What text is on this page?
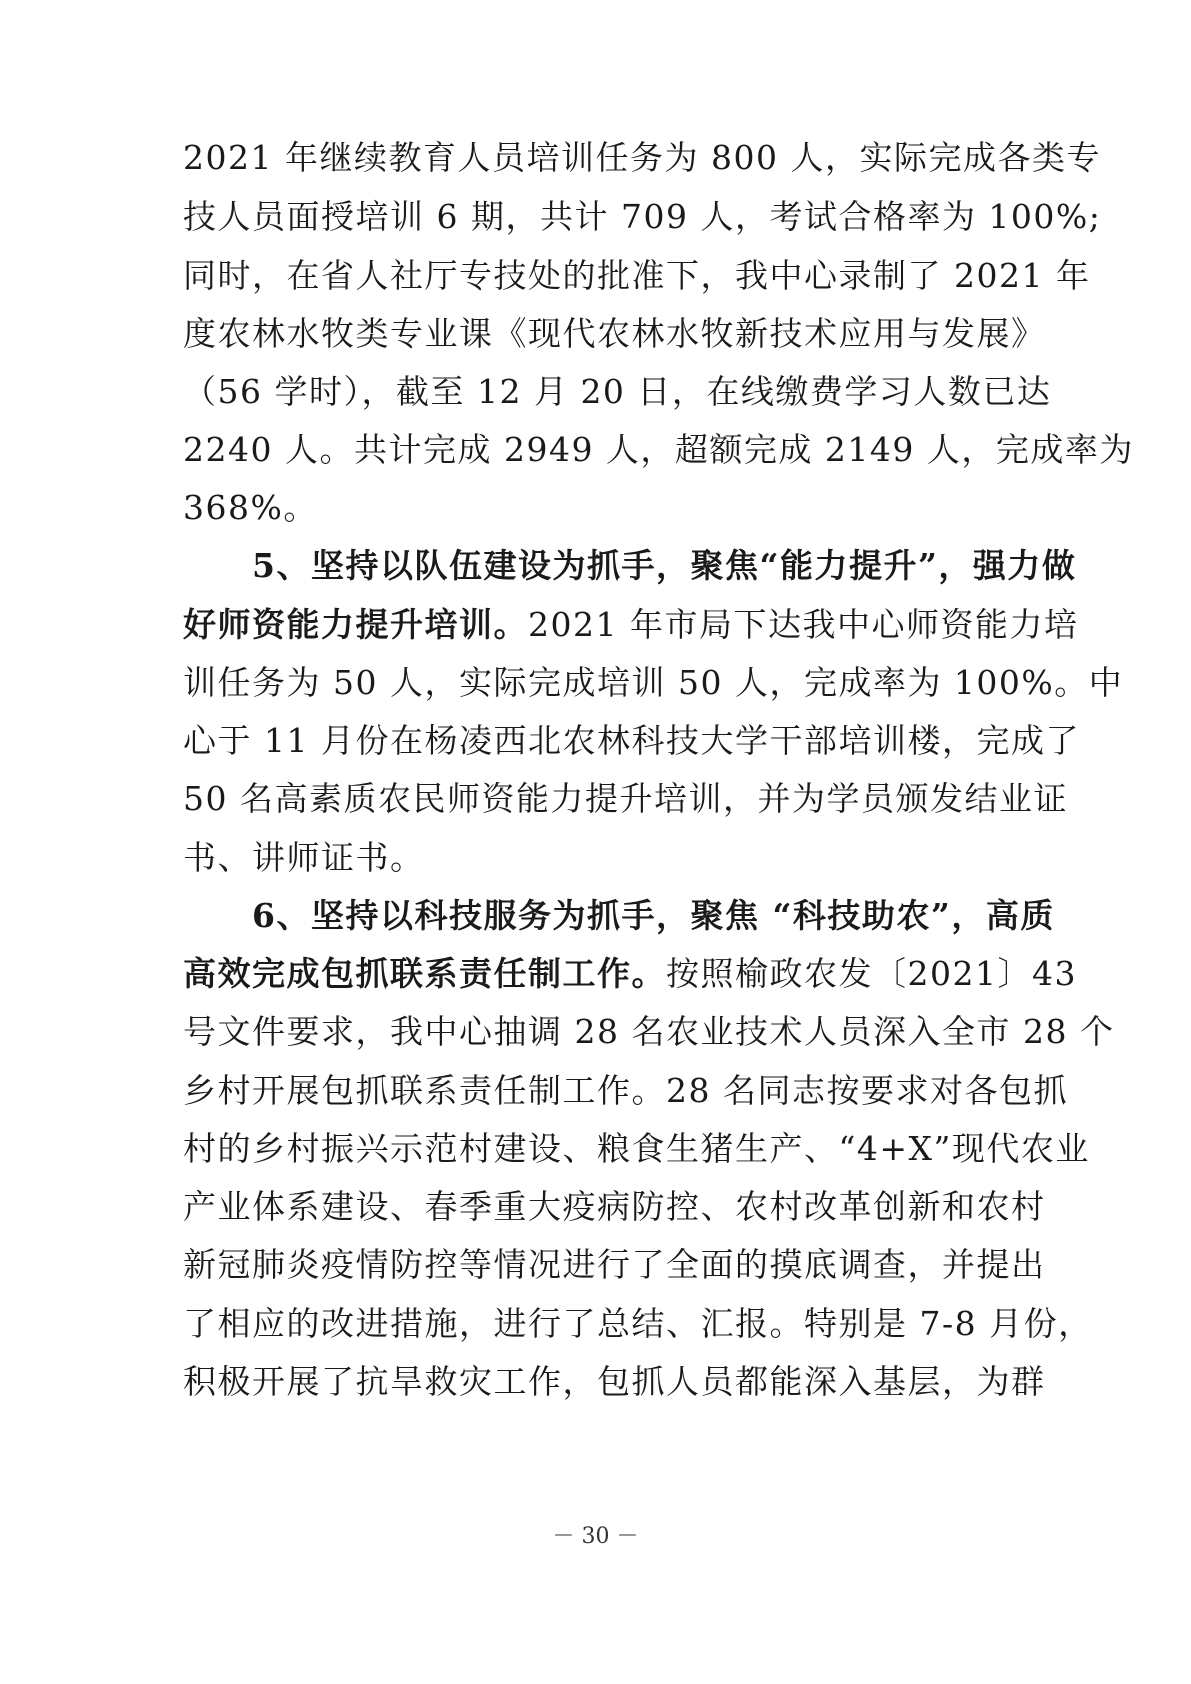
2021 年继续教育人员培训任务为 800 人，实际完成各类专
技人员面授培训 6 期，共计 709 人，考试合格率为 100%;
同时，在省人社厅专技处的批准下，我中心录制了 2021 年
度农林水牧类专业课《现代农林水牧新技术应用与发展》
（56 学时），截至 12 月 20 日，在线缴费学习人数已达
2240 人。共计完成 2949 人，超额完成 2149 人，完成率为
368%。
　　5、坚持以队伍建设为抓手，聚焦“能力提升”，强力做
好师资能力提升培训。2021 年市局下达我中心师资能力培
训任务为 50 人，实际完成培训 50 人，完成率为 100%。中
心于 11 月份在杨凌西北农林科技大学干部培训楼，完成了
50 名高素质农民师资能力提升培训，并为学员颁发结业证
书、讲师证书。
　　6、坚持以科技服务为抓手，聚焦 “科技助农”，高质
高效完成包抓联系责任制工作。按照榆政农发〔2021〕43
号文件要求，我中心抽调 28 名农业技术人员深入全市 28 个
乡村开展包抓联系责任制工作。28 名同志按要求对各包抓
村的乡村振兴示范村建设、粮食生猪生产、“4+X”现代农业
产业体系建设、春季重大疫病防控、农村改革创新和农村
新冠肺炎疫情防控等情况进行了全面的摸底调查，并提出
了相应的改进措施，进行了总结、汇报。特别是 7-8 月份，
积极开展了抗旱救灾工作，包抓人员都能深入基层，为群
－ 30 －
